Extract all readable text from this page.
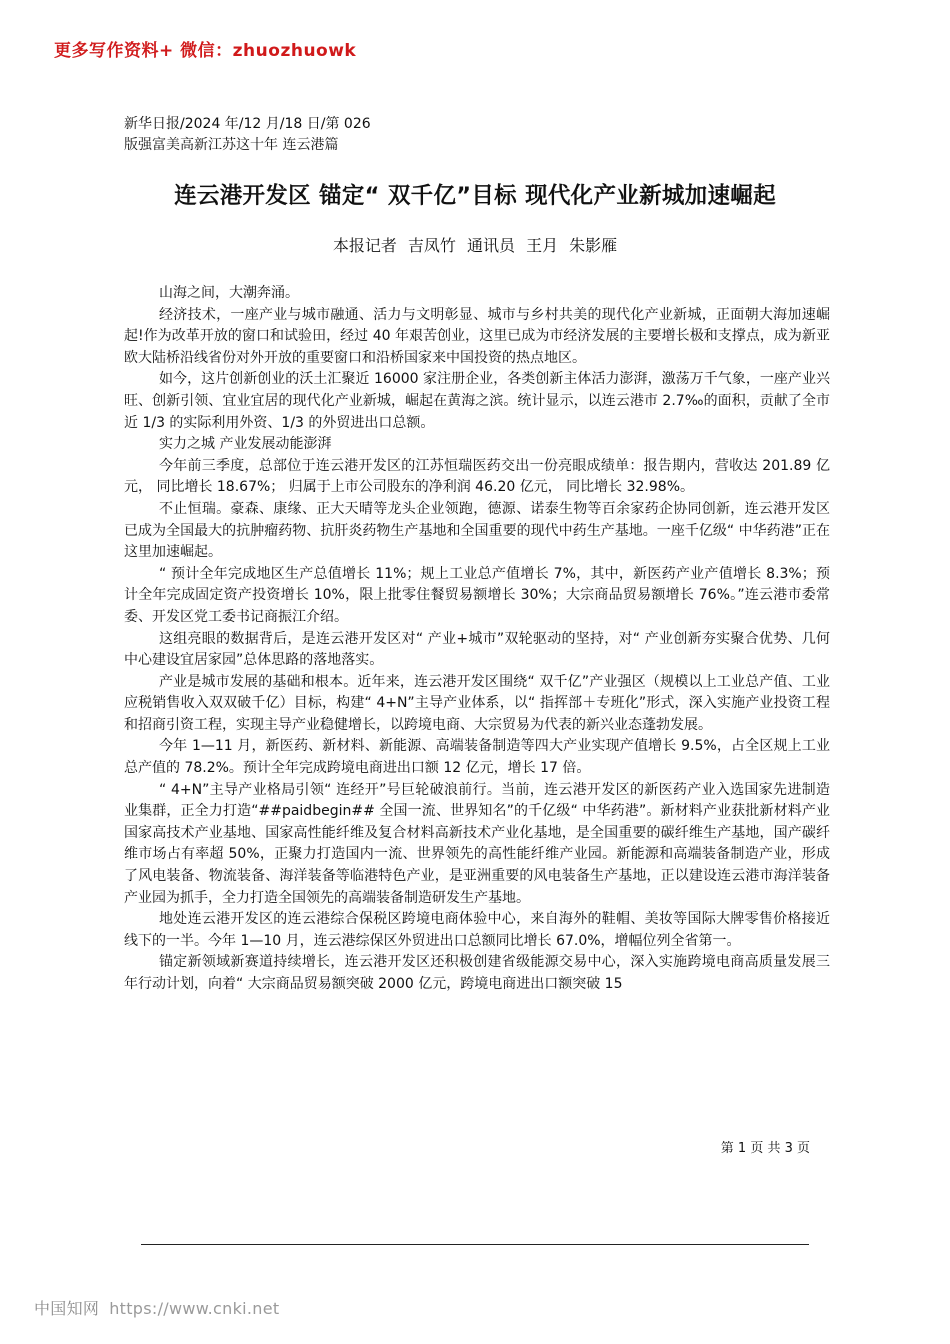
更多写作资料+ 微信：zhuozhuowk
新华日报/2024 年/12 月/18 日/第 026
版强富美高新江苏这十年 连云港篇
连云港开发区 锚定“ 双千亿”目标 现代化产业新城加速崛起
本报记者 吉凤竹 通讯员 王月 朱影雁

山海之间，大潮奔涌。

经济技术，一座产业与城市融通、活力与文明彰显、城市与乡村共美的现代化产业新城，正面朝大海加速崛起!作为改革开放的窗口和试验田，经过 40 年艰苦创业，这里已成为市经济发展的主要增长极和支撑点，成为新亚欧大陆桥沿线省份对外开放的重要窗口和沿桥国家来中国投资的热点地区。

如今，这片创新创业的沃土汇聚近 16000 家注册企业，各类创新主体活力澎湃，激荡万千气象，一座产业兴旺、创新引领、宜业宜居的现代化产业新城，崛起在黄海之滨。统计显示，以连云港市 2.7‰的面积，贡献了全市近 1/3 的实际利用外资、1/3 的外贸进出口总额。

实力之城 产业发展动能澎湃

今年前三季度，总部位于连云港开发区的江苏恒瑞医药交出一份亮眼成绩单：报告期内，营收达 201.89 亿元， 同比增长 18.67%； 归属于上市公司股东的净利润 46.20 亿元， 同比增长 32.98%。

不止恒瑞。豪森、康缘、正大天晴等龙头企业领跑，德源、诺泰生物等百余家药企协同创新，连云港开发区已成为全国最大的抗肿瘤药物、抗肝炎药物生产基地和全国重要的现代中药生产基地。一座千亿级“ 中华药港”正在这里加速崛起。

“ 预计全年完成地区生产总值增长 11%；规上工业总产值增长 7%，其中，新医药产业产值增长 8.3%；预计全年完成固定资产投资增长 10%，限上批零住餐贸易额增长 30%；大宗商品贸易额增长 76%。”连云港市委常委、开发区党工委书记商振江介绍。

这组亮眼的数据背后，是连云港开发区对“ 产业+城市”双轮驱动的坚持，对“ 产业创新夯实聚合优势、几何中心建设宜居家园”总体思路的落地落实。

产业是城市发展的基础和根本。近年来，连云港开发区围绕“ 双千亿”产业强区（规模以上工业总产值、工业应税销售收入双双破千亿）目标，构建“ 4+N”主导产业体系，以“ 指挥部＋专班化”形式，深入实施产业投资工程和招商引资工程，实现主导产业稳健增长，以跨境电商、大宗贸易为代表的新兴业态蓬勃发展。

今年 1—11 月，新医药、新材料、新能源、高端装备制造等四大产业实现产值增长 9.5%，占全区规上工业总产值的 78.2%。预计全年完成跨境电商进出口额 12 亿元，增长 17 倍。

“ 4+N”主导产业格局引领“ 连经开”号巨轮破浪前行。当前，连云港开发区的新医药产业入选国家先进制造业集群，正全力打造“##paidbegin## 全国一流、世界知名”的千亿级“ 中华药港”。新材料产业获批新材料产业国家高技术产业基地、国家高性能纤维及复合材料高新技术产业化基地，是全国重要的碳纤维生产基地，国产碳纤维市场占有率超 50%，正聚力打造国内一流、世界领先的高性能纤维产业园。新能源和高端装备制造产业，形成了风电装备、物流装备、海洋装备等临港特色产业，是亚洲重要的风电装备生产基地，正以建设连云港市海洋装备产业园为抓手，全力打造全国领先的高端装备制造研发生产基地。

地处连云港开发区的连云港综合保税区跨境电商体验中心，来自海外的鞋帽、美妆等国际大牌零售价格接近线下的一半。今年 1—10 月，连云港综保区外贸进出口总额同比增长 67.0%，增幅位列全省第一。

锚定新领域新赛道持续增长，连云港开发区还积极创建省级能源交易中心，深入实施跨境电商高质量发展三年行动计划，向着“ 大宗商品贸易额突破 2000 亿元，跨境电商进出口额突破 15

第 1 页 共 3 页
中国知网 https://www.cnki.net
